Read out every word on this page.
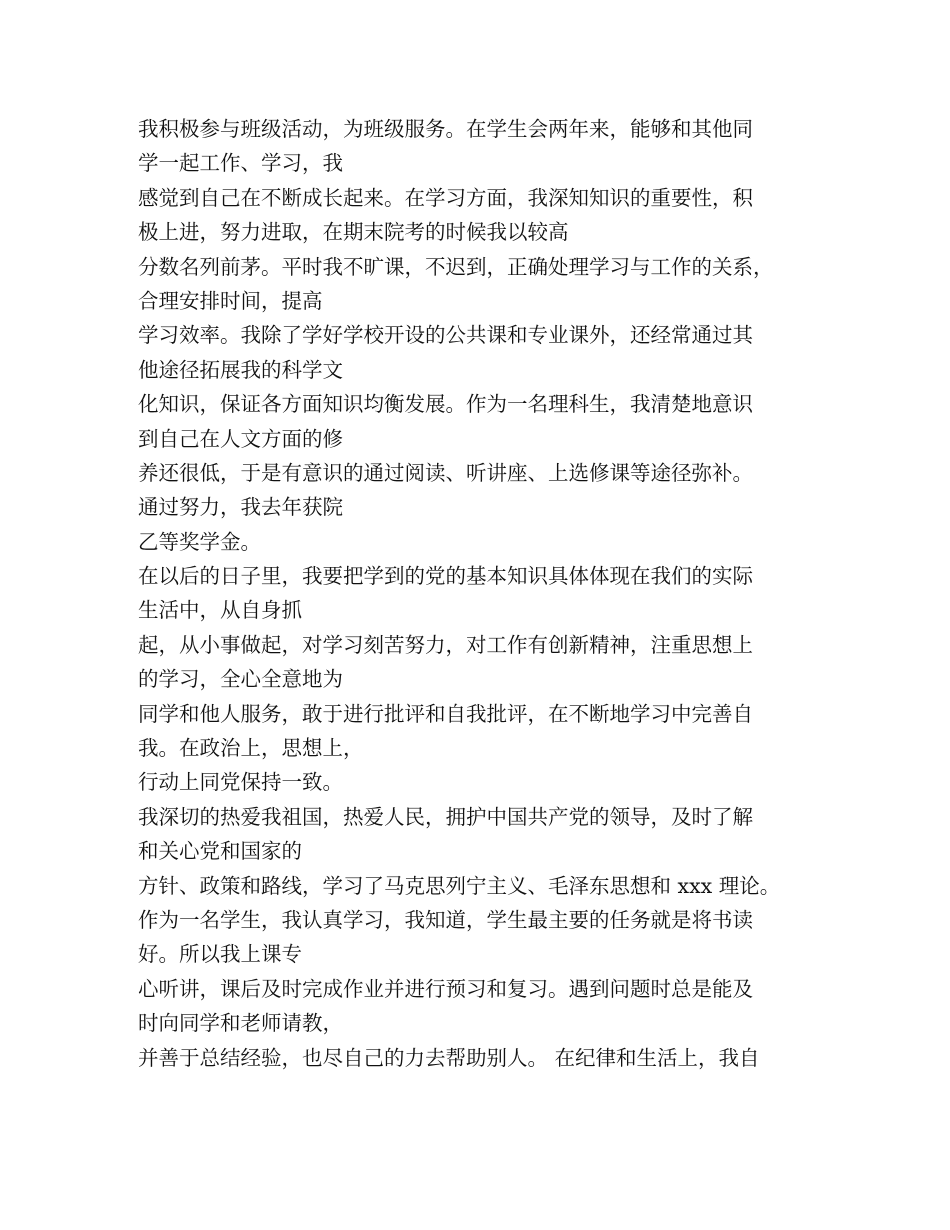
我积极参与班级活动，为班级服务。在学生会两年来，能够和其他同
学一起工作、学习，我
感觉到自己在不断成长起来。在学习方面，我深知知识的重要性，积
极上进，努力进取，在期末院考的时候我以较高
分数名列前茅。平时我不旷课，不迟到，正确处理学习与工作的关系，
合理安排时间，提高
学习效率。我除了学好学校开设的公共课和专业课外，还经常通过其
他途径拓展我的科学文
化知识，保证各方面知识均衡发展。作为一名理科生，我清楚地意识
到自己在人文方面的修
养还很低，于是有意识的通过阅读、听讲座、上选修课等途径弥补。
通过努力，我去年获院
乙等奖学金。
在以后的日子里，我要把学到的党的基本知识具体体现在我们的实际
生活中，从自身抓
起，从小事做起，对学习刻苦努力，对工作有创新精神，注重思想上
的学习，全心全意地为
同学和他人服务，敢于进行批评和自我批评，在不断地学习中完善自
我。在政治上，思想上，
行动上同党保持一致。
我深切的热爱我祖国，热爱人民，拥护中国共产党的领导，及时了解
和关心党和国家的
方针、政策和路线，学习了马克思列宁主义、毛泽东思想和 xxx 理论。
作为一名学生，我认真学习，我知道，学生最主要的任务就是将书读
好。所以我上课专
心听讲，课后及时完成作业并进行预习和复习。遇到问题时总是能及
时向同学和老师请教，
并善于总结经验，也尽自己的力去帮助别人。 在纪律和生活上，我自
